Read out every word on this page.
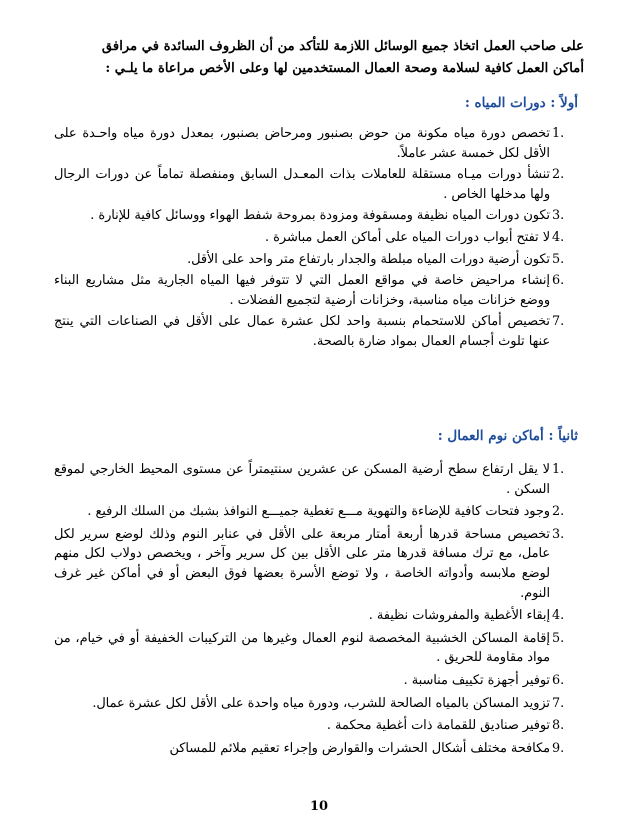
على صاحب العمل اتخاذ جميع الوسائل اللازمة للتأكد من أن الظروف السائدة في مرافق
أماكن العمل كافية لسلامة وصحة العمال المستخدمين لها وعلى الأخص مراعاة ما يلـي :
أولاً : دورات المياه :
1.
تخصص دورة مياه مكونة من حوض بصنبور ومرحاض بصنبور، بمعدل دورة مياه واحـدة على الأقل لكل خمسة عشر عاملاً.
2.
تنشأ دورات ميـاه مستقلة للعاملات بذات المعـدل السابق ومنفصلة تماماً عن دورات الرجال ولها مدخلها الخاص .
3.
تكون دورات المياه نظيفة ومسقوفة ومزودة بمروحة شفط الهواء ووسائل كافية للإنارة .
4.
لا تفتح أبواب دورات المياه على أماكن العمل مباشرة .
5.
تكون أرضية دورات المياه مبلطة والجدار بارتفاع متر واحد على الأقل.
6.
إنشاء مراحيض خاصة في مواقع العمل التي لا تتوفر فيها المياه الجارية مثل مشاريع البناء ووضع خزانات مياه مناسبة، وخزانات أرضية لتجميع الفضلات .
7.
تخصيص أماكن للاستحمام بنسبة واحد لكل عشرة عمال على الأقل في الصناعات التي ينتج عنها تلوث أجسام العمال بمواد ضارة بالصحة.
ثانياً : أماكن نوم العمال :
1.
لا يقل ارتفاع سطح أرضية المسكن عن عشرين سنتيمتراً عن مستوى المحيط الخارجي لموقع السكن .
2.
وجود فتحات كافية للإضاءة والتهوية مـــع تغطية جميـــع النوافذ بشبك من السلك الرفيع .
3.
تخصيص مساحة قدرها أربعة أمتار مربعة على الأقل في عنابر النوم وذلك لوضع سرير لكل عامل، مع ترك مسافة قدرها متر على الأقل بين كل سرير وآخر ، ويخصص دولاب لكل منهم لوضع ملابسه وأدواته الخاصة ، ولا توضع الأسرة بعضها فوق البعض أو في أماكن غير غرف النوم.
4.
إبقاء الأغطية والمفروشات نظيفة .
5.
إقامة المساكن الخشبية المخصصة لنوم العمال وغيرها من التركيبات الخفيفة أو في خيام، من مواد مقاومة للحريق .
6.
توفير أجهزة تكييف مناسبة .
7.
تزويد المساكن بالمياه الصالحة للشرب، ودورة مياه واحدة على الأقل لكل عشرة عمال.
8.
توفير صناديق للقمامة ذات أغطية محكمة .
9.
مكافحة مختلف أشكال الحشرات والقوارض وإجراء تعقيم ملائم للمساكن
10
